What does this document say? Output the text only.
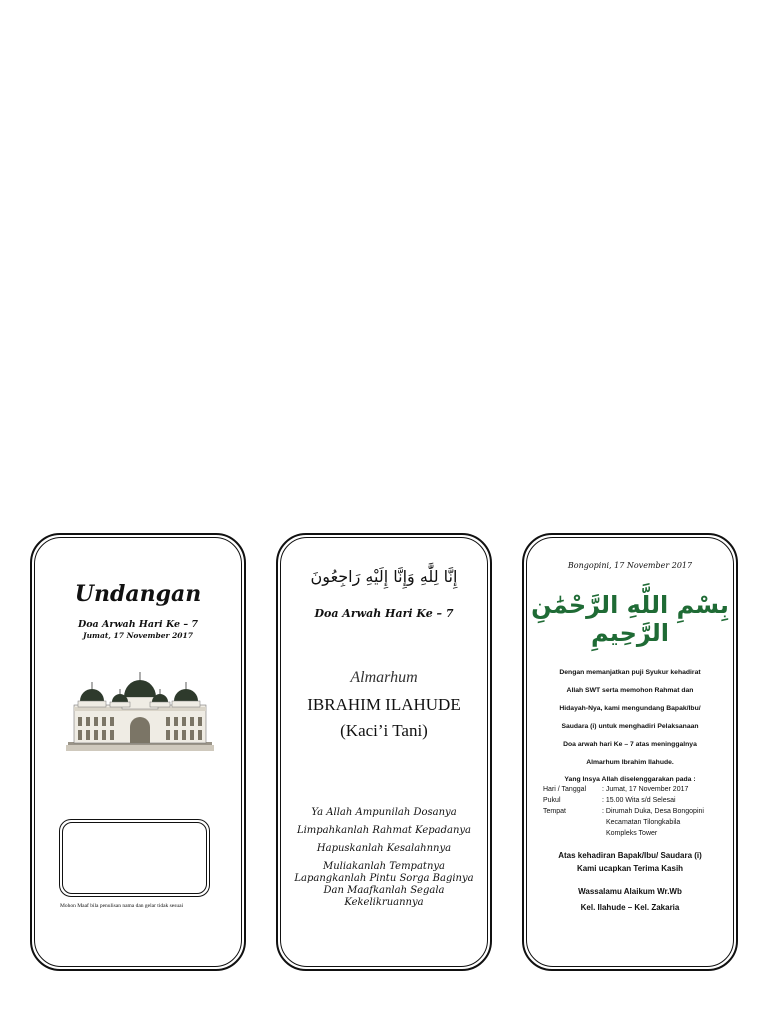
Undangan
Doa Arwah Hari Ke – 7
Jumat, 17 November 2017
Mohon Maaf bila penulisan nama dan gelar tidak sesuai
إِنَّا لِلَّٰهِ وَإِنَّا إِلَيْهِ رَاجِعُونَ
Doa Arwah Hari Ke – 7
Almarhum
IBRAHIM ILAHUDE
(Kaci’i Tani)
Ya Allah Ampunilah Dosanya
Limpahkanlah Rahmat Kepadanya
Hapuskanlah Kesalahnnya
Muliakanlah Tempatnya
Lapangkanlah Pintu Sorga Baginya
Dan Maafkanlah Segala
Kekelikruannya
Bongopini, 17 November 2017
بِسْمِ اللَّهِ الرَّحْمَٰنِ الرَّحِيمِ
Dengan memanjatkan puji Syukur kehadirat
Allah SWT serta memohon Rahmat dan
Hidayah-Nya, kami mengundang Bapak/Ibu/
Saudara (i) untuk menghadiri Pelaksanaan
Doa arwah hari Ke – 7 atas meninggalnya
Almarhum Ibrahim Ilahude.
Yang Insya Allah diselenggarakan pada :
Hari / Tanggal : Jumat, 17 November 2017
Pukul	: 15.00 Wita s/d Selesai
Tempat	: Dirumah Duka, Desa Bongopini
Kecamatan Tilongkabila
Kompleks Tower
Atas kehadiran Bapak/Ibu/ Saudara (i)
Kami ucapkan Terima Kasih
Wassalamu Alaikum Wr.Wb
Kel. Ilahude – Kel. Zakaria
